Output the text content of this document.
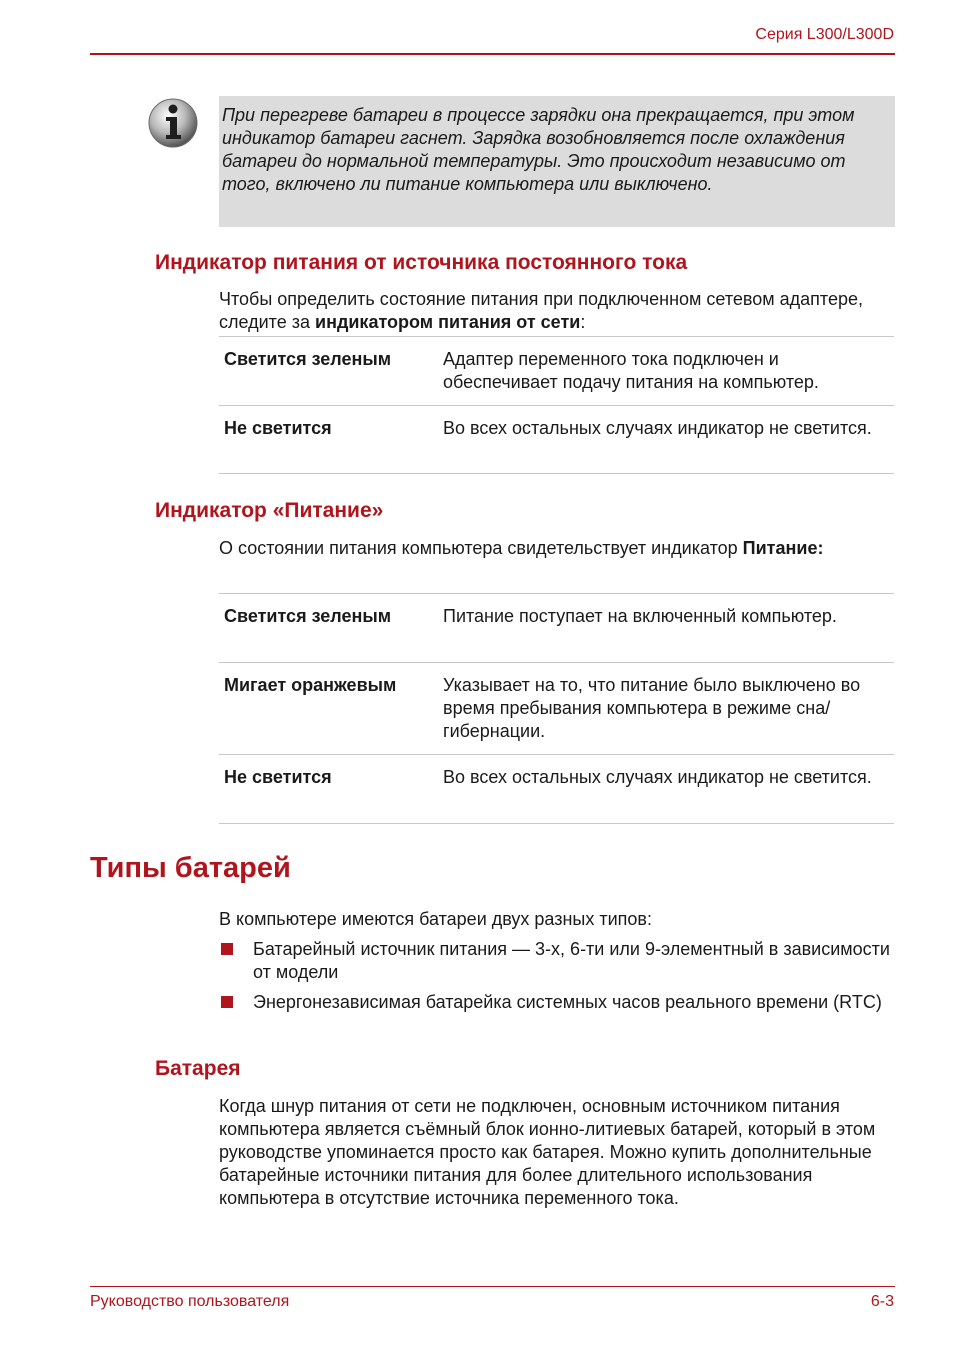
Серия L300/L300D
При перегреве батареи в процессе зарядки она прекращается, при этом индикатор батареи гаснет. Зарядка возобновляется после охлаждения батареи до нормальной температуры. Это происходит независимо от того, включено ли питание компьютера или выключено.
Индикатор питания от источника постоянного тока
Чтобы определить состояние питания при подключенном сетевом адаптере, следите за индикатором питания от сети:
Светится зеленым	Адаптер переменного тока подключен и обеспечивает подачу питания на компьютер.
Не светится	Во всех остальных случаях индикатор не светится.
Индикатор «Питание»
О состоянии питания компьютера свидетельствует индикатор Питание:
Светится зеленым	Питание поступает на включенный компьютер.
Мигает оранжевым	Указывает на то, что питание было выключено во время пребывания компьютера в режиме сна/гибернации.
Не светится	Во всех остальных случаях индикатор не светится.
Типы батарей
В компьютере имеются батареи двух разных типов:
Батарейный источник питания — 3-х, 6-ти или 9-элементный в зависимости от модели
Энергонезависимая батарейка системных часов реального времени (RTC)
Батарея
Когда шнур питания от сети не подключен, основным источником питания компьютера является съёмный блок ионно-литиевых батарей, который в этом руководстве упоминается просто как батарея. Можно купить дополнительные батарейные источники питания для более длительного использования компьютера в отсутствие источника переменного тока.
Руководство пользователя	6-3
